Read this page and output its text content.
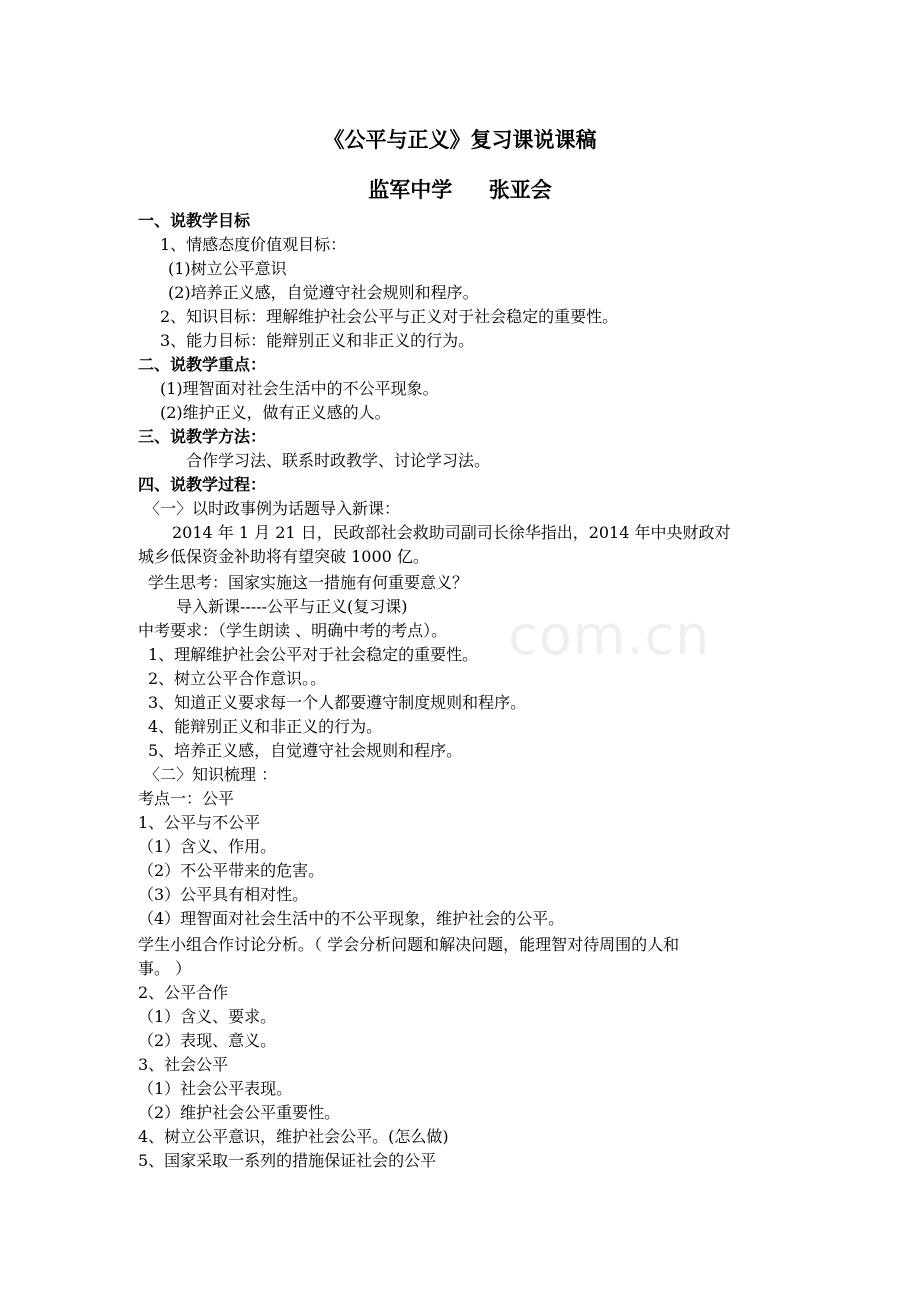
《公平与正义》复习课说课稿
监军中学     张亚会

一、说教学目标

1、情感态度价值观目标：

(1)树立公平意识

(2)培养正义感，自觉遵守社会规则和程序。

2、知识目标：理解维护社会公平与正义对于社会稳定的重要性。

3、能力目标：能辩别正义和非正义的行为。

二、说教学重点：

(1)理智面对社会生活中的不公平现象。

(2)维护正义，做有正义感的人。

三、说教学方法：

合作学习法、联系时政教学、讨论学习法。

四、说教学过程：

〈一〉以时政事例为话题导入新课：

2014 年 1 月 21 日，民政部社会救助司副司长徐华指出，2014 年中央财政对

城乡低保资金补助将有望突破 1000 亿。

学生思考：国家实施这一措施有何重要意义？

导入新课-----公平与正义(复习课)

中考要求：（学生朗读 、明确中考的考点）。

1、理解维护社会公平对于社会稳定的重要性。

2、树立公平合作意识。。

3、知道正义要求每一个人都要遵守制度规则和程序。

4、能辩别正义和非正义的行为。

5、培养正义感，自觉遵守社会规则和程序。

〈二〉知识梳理 ：

考点一：公平

1、公平与不公平

（1）含义、作用。

（2）不公平带来的危害。

（3）公平具有相对性。

（4）理智面对社会生活中的不公平现象，维护社会的公平。

学生小组合作讨论分析。（ 学会分析问题和解决问题，能理智对待周围的人和

事。 ）

2、公平合作

（1）含义、要求。

（2）表现、意义。

3、社会公平

（1）社会公平表现。

（2）维护社会公平重要性。

4、树立公平意识，维护社会公平。(怎么做)

5、国家采取一系列的措施保证社会的公平

com.cn
